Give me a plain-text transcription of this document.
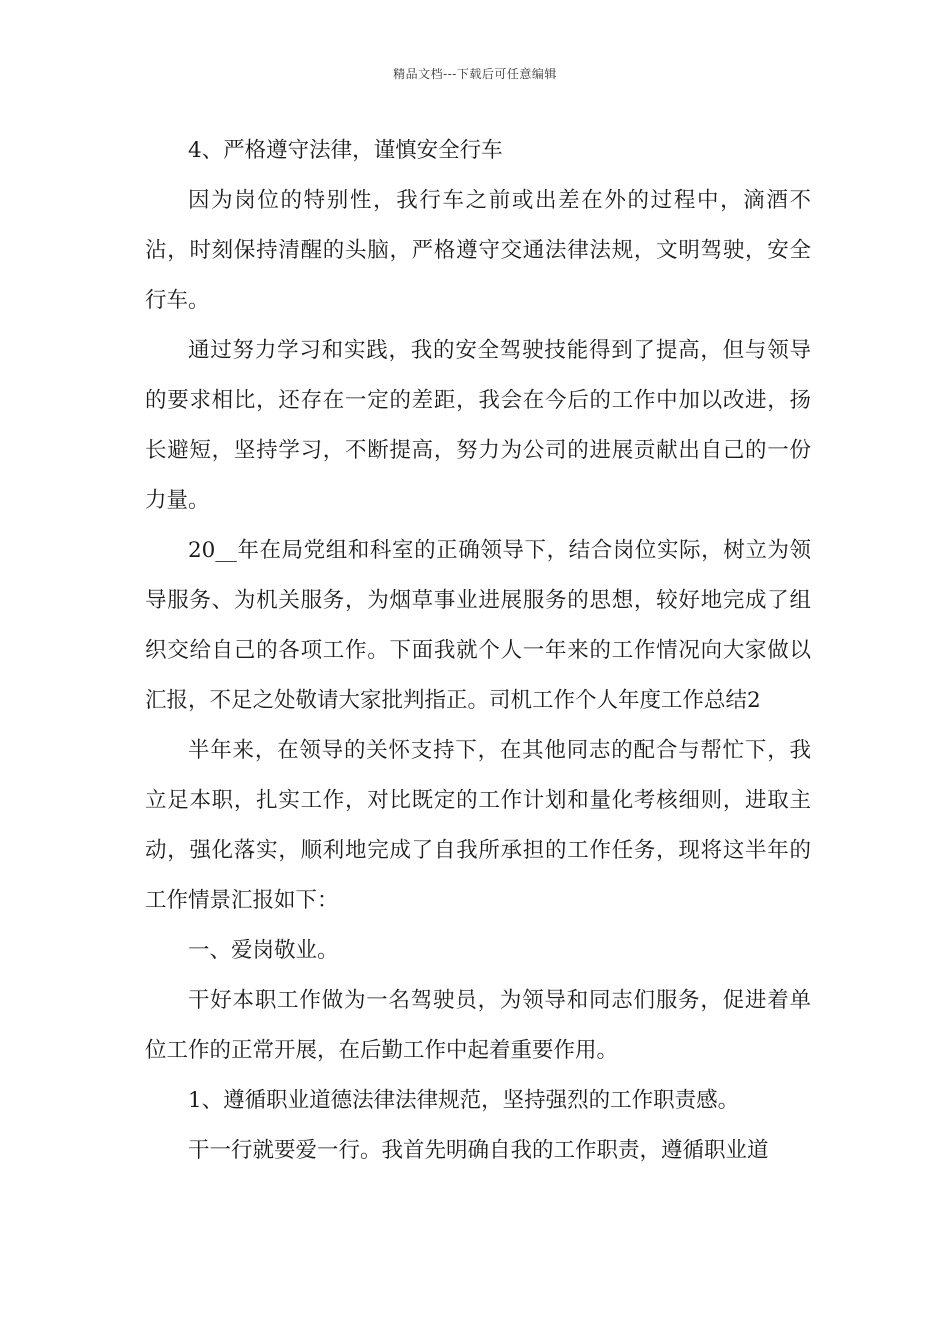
精品文档---下载后可任意编辑

4、严格遵守法律，谨慎安全行车

因为岗位的特别性，我行车之前或出差在外的过程中，滴酒不沾，时刻保持清醒的头脑，严格遵守交通法律法规，文明驾驶，安全行车。

通过努力学习和实践，我的安全驾驶技能得到了提高，但与领导的要求相比，还存在一定的差距，我会在今后的工作中加以改进，扬长避短，坚持学习，不断提高，努力为公司的进展贡献出自己的一份力量。

20__年在局党组和科室的正确领导下，结合岗位实际，树立为领导服务、为机关服务，为烟草事业进展服务的思想，较好地完成了组织交给自己的各项工作。下面我就个人一年来的工作情况向大家做以汇报，不足之处敬请大家批判指正。司机工作个人年度工作总结2

半年来，在领导的关怀支持下，在其他同志的配合与帮忙下，我立足本职，扎实工作，对比既定的工作计划和量化考核细则，进取主动，强化落实，顺利地完成了自我所承担的工作任务，现将这半年的工作情景汇报如下：

一、爱岗敬业。

干好本职工作做为一名驾驶员，为领导和同志们服务，促进着单位工作的正常开展，在后勤工作中起着重要作用。

1、遵循职业道德法律法律规范，坚持强烈的工作职责感。

干一行就要爱一行。我首先明确自我的工作职责，遵循职业道
